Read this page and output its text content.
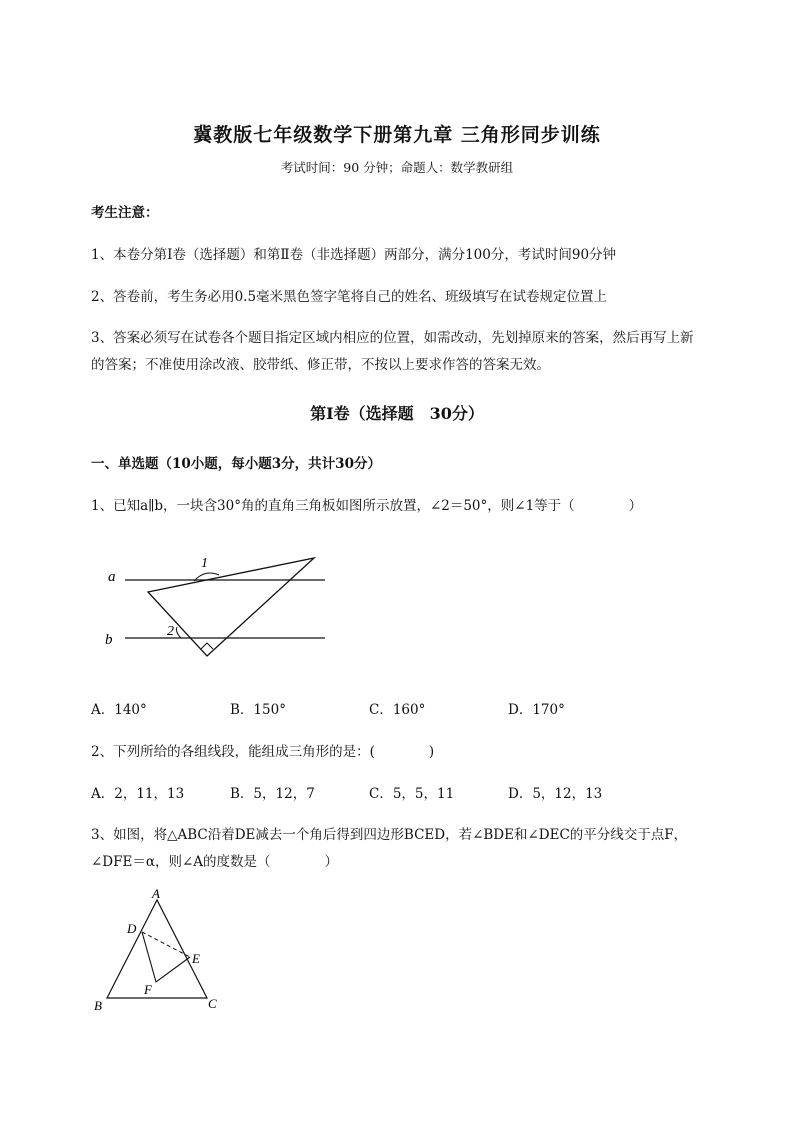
冀教版七年级数学下册第九章 三角形同步训练
考试时间：90 分钟；命题人：数学教研组
考生注意：
1、本卷分第Ⅰ卷（选择题）和第Ⅱ卷（非选择题）两部分，满分100分，考试时间90分钟
2、答卷前，考生务必用0.5毫米黑色签字笔将自己的姓名、班级填写在试卷规定位置上
3、答案必须写在试卷各个题目指定区域内相应的位置，如需改动，先划掉原来的答案，然后再写上新
的答案；不准使用涂改液、胶带纸、修正带，不按以上要求作答的答案无效。
第Ⅰ卷（选择题　30分）
一、单选题（10小题，每小题3分，共计30分）
1、已知a∥b，一块含30°角的直角三角板如图所示放置，∠2＝50°，则∠1等于（　　　　）
a
b
1
2
A．140°	B．150°	C．160°	D．170°
2、下列所给的各组线段，能组成三角形的是：(　　　　)
A．2，11，13	B．5，12，7	C．5，5，11	D．5，12，13
3、如图，将△ABC沿着DE减去一个角后得到四边形BCED，若∠BDE和∠DEC的平分线交于点F，
∠DFE＝α，则∠A的度数是（　　　　）
A
B	C
D
E
F
